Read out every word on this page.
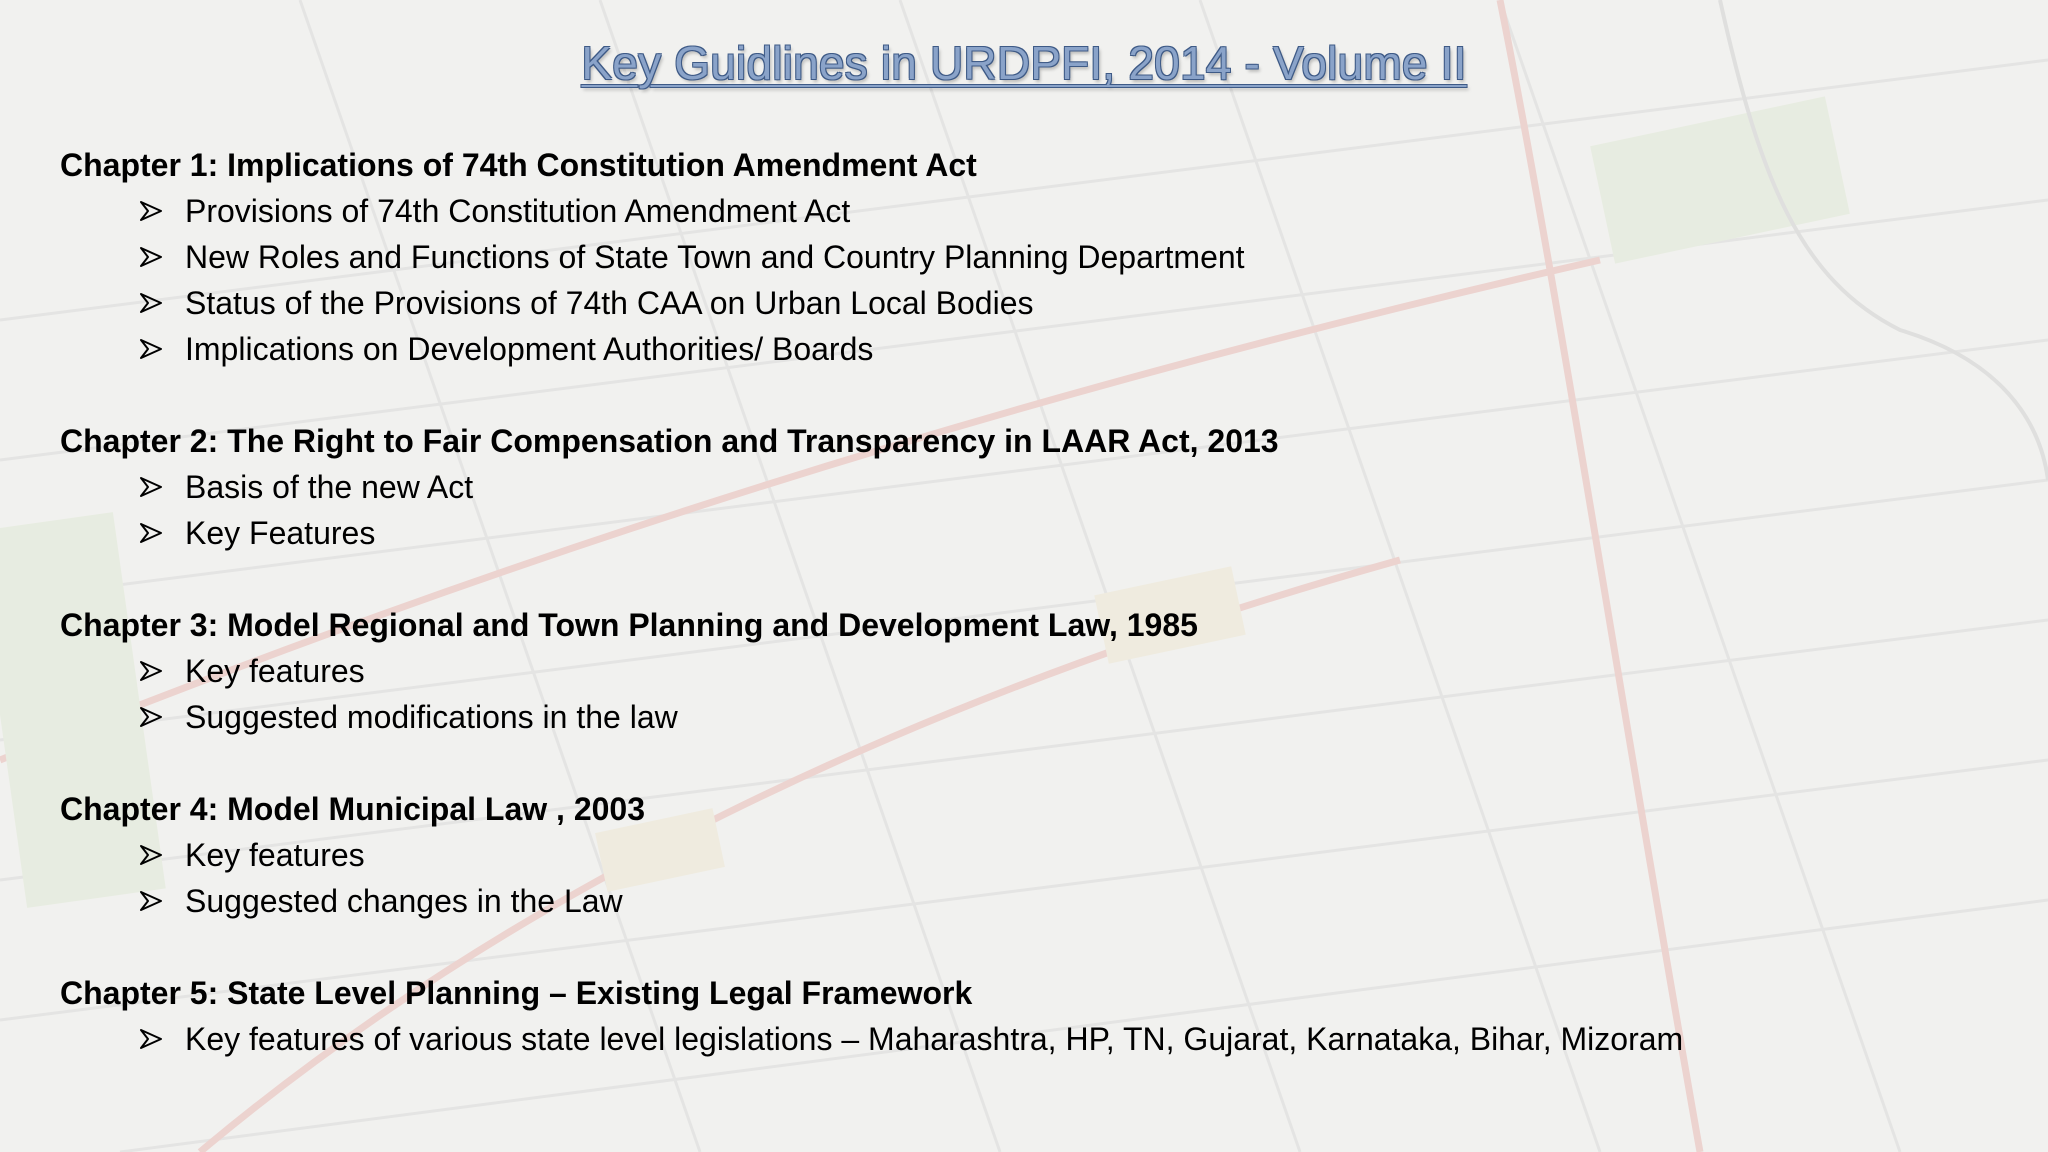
Key Guidlines in URDPFI, 2014 - Volume II

Chapter 1: Implications of 74th Constitution Amendment Act

Provisions of 74th Constitution Amendment Act
New Roles and Functions of State Town and Country Planning Department
Status of the Provisions of 74th CAA on Urban Local Bodies
Implications on Development Authorities/ Boards

Chapter 2: The Right to Fair Compensation and Transparency in LAAR Act, 2013

Basis of the new Act
Key Features

Chapter 3: Model Regional and Town Planning and Development Law, 1985

Key features
Suggested modifications in the law

Chapter 4: Model Municipal Law , 2003

Key features
Suggested changes in the Law

Chapter 5: State Level Planning – Existing Legal Framework

Key features of various state level legislations – Maharashtra, HP, TN, Gujarat, Karnataka, Bihar, Mizoram
